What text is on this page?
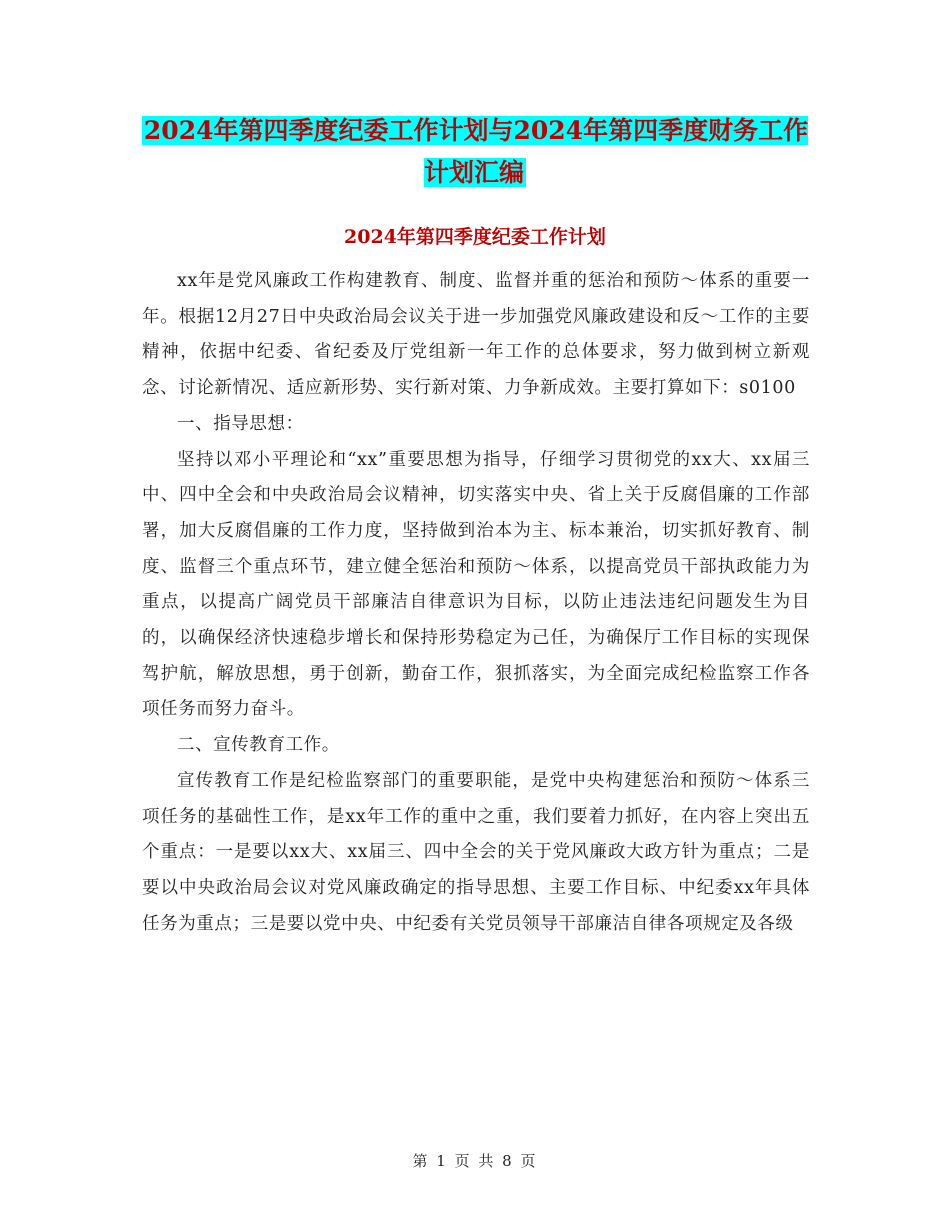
2024年第四季度纪委工作计划与2024年第四季度财务工作计划汇编
2024年第四季度纪委工作计划

xx年是党风廉政工作构建教育、制度、监督并重的惩治和预防～体系的重要一年。根据12月27日中央政治局会议关于进一步加强党风廉政建设和反～工作的主要精神，依据中纪委、省纪委及厅党组新一年工作的总体要求，努力做到树立新观念、讨论新情况、适应新形势、实行新对策、力争新成效。主要打算如下：s0100

一、指导思想：

坚持以邓小平理论和“xx”重要思想为指导，仔细学习贯彻党的xx大、xx届三中、四中全会和中央政治局会议精神，切实落实中央、省上关于反腐倡廉的工作部署，加大反腐倡廉的工作力度，坚持做到治本为主、标本兼治，切实抓好教育、制度、监督三个重点环节，建立健全惩治和预防～体系，以提高党员干部执政能力为重点，以提高广阔党员干部廉洁自律意识为目标，以防止违法违纪问题发生为目的，以确保经济快速稳步增长和保持形势稳定为己任，为确保厅工作目标的实现保驾护航，解放思想，勇于创新，勤奋工作，狠抓落实，为全面完成纪检监察工作各项任务而努力奋斗。

二、宣传教育工作。

宣传教育工作是纪检监察部门的重要职能，是党中央构建惩治和预防～体系三项任务的基础性工作，是xx年工作的重中之重，我们要着力抓好，在内容上突出五个重点：一是要以xx大、xx届三、四中全会的关于党风廉政大政方针为重点；二是要以中央政治局会议对党风廉政确定的指导思想、主要工作目标、中纪委xx年具体任务为重点；三是要以党中央、中纪委有关党员领导干部廉洁自律各项规定及各级

第 1 页 共 8 页
